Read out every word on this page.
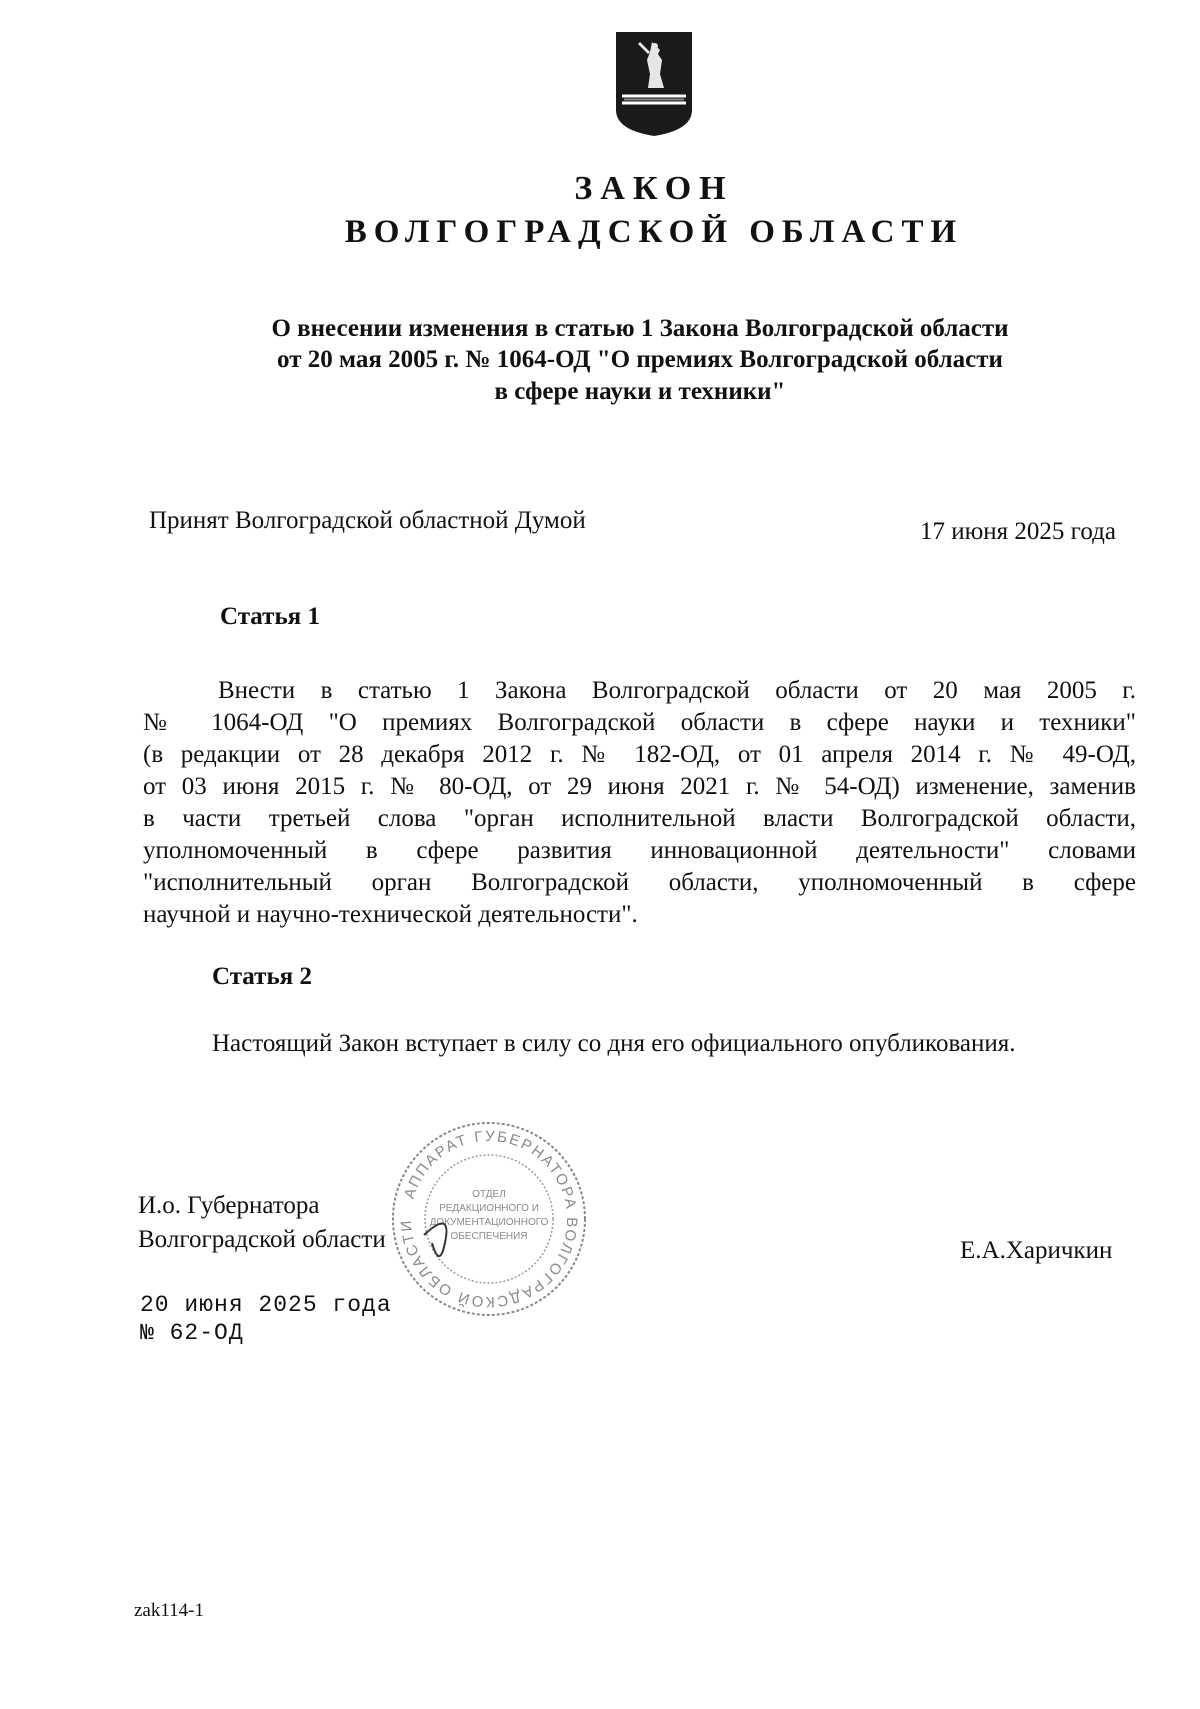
ЗАКОН
ВОЛГОГРАДСКОЙ ОБЛАСТИ
О внесении изменения в статью 1 Закона Волгоградской области
от 20 мая 2005 г. № 1064-ОД "О премиях Волгоградской области
в сфере науки и техники"
Принят Волгоградской областной Думой	17 июня 2025 года
Статья 1
Внести в статью 1 Закона Волгоградской области от 20 мая 2005 г.
№ 1064-ОД "О премиях Волгоградской области в сфере науки и техники"
(в редакции от 28 декабря 2012 г. № 182-ОД, от 01 апреля 2014 г. № 49-ОД,
от 03 июня 2015 г. № 80-ОД, от 29 июня 2021 г. № 54-ОД) изменение, заменив
в части третьей слова "орган исполнительной власти Волгоградской области,
уполномоченный в сфере развития инновационной деятельности" словами
"исполнительный орган Волгоградской области, уполномоченный в сфере
научной и научно-технической деятельности".
Статья 2
Настоящий Закон вступает в силу со дня его официального опубликования.
И.о. Губернатора
Волгоградской области	Е.А.Харичкин
20 июня 2025 года
№ 62-ОД
АППАРАТ ГУБЕРНАТОРА ВОЛГОГРАДСКОЙ ОБЛАСТИ
ОТДЕЛ
РЕДАКЦИОННОГО И
ДОКУМЕНТАЦИОННОГО
ОБЕСПЕЧЕНИЯ
zak114-1
